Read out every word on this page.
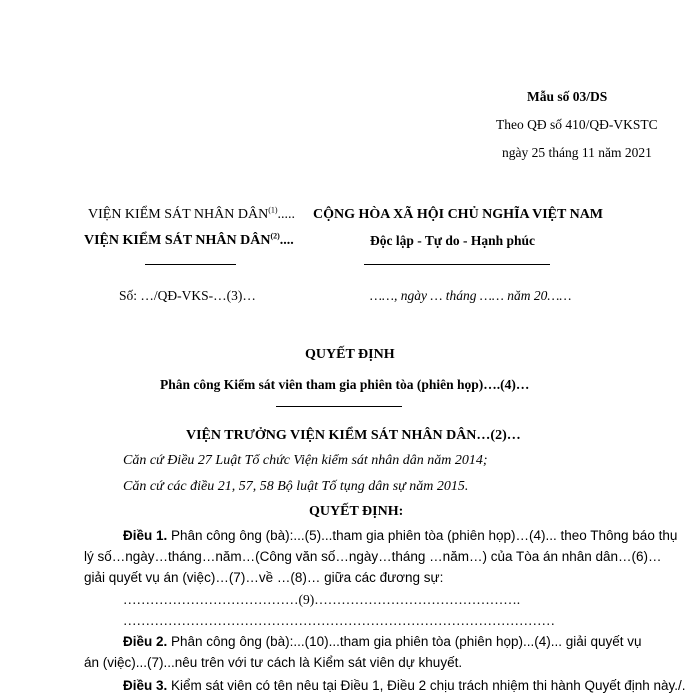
Mẫu số 03/DS
Theo QĐ số 410/QĐ-VKSTC
ngày 25 tháng 11 năm 2021
VIỆN KIỂM SÁT NHÂN DÂN$^{(1)}$.....
VIỆN KIỂM SÁT NHÂN DÂN$^{(2)}$....
Số: …/QĐ-VKS-…(3)…
CỘNG HÒA XÃ HỘI CHỦ NGHĨA VIỆT NAM
Độc lập - Tự do - Hạnh phúc
……, ngày … tháng …… năm 20……
QUYẾT ĐỊNH
Phân công Kiểm sát viên tham gia phiên tòa (phiên họp)….(4)…
VIỆN TRƯỞNG VIỆN KIỂM SÁT NHÂN DÂN…(2)…
Căn cứ Điều 27 Luật Tổ chức Viện kiểm sát nhân dân năm 2014;
Căn cứ các điều 21, 57, 58 Bộ luật Tố tụng dân sự năm 2015.
QUYẾT ĐỊNH:
Điều 1. Phân công ông (bà):...(5)...tham gia phiên tòa (phiên họp)…(4)... theo Thông báo thụ
lý số…ngày…tháng…năm…(Công văn số…ngày…tháng …năm…) của Tòa án nhân dân…(6)…
giải quyết vụ án (việc)…(7)…về …(8)… giữa các đương sự:
…………………………………(9)……………………………………….
……………………………………………………………………………………
Điều 2. Phân công ông (bà):...(10)...tham gia phiên tòa (phiên họp)...(4)... giải quyết vụ
án (việc)...(7)...nêu trên với tư cách là Kiểm sát viên dự khuyết.
Điều 3. Kiểm sát viên có tên nêu tại Điều 1, Điều 2 chịu trách nhiệm thi hành Quyết định này./.
